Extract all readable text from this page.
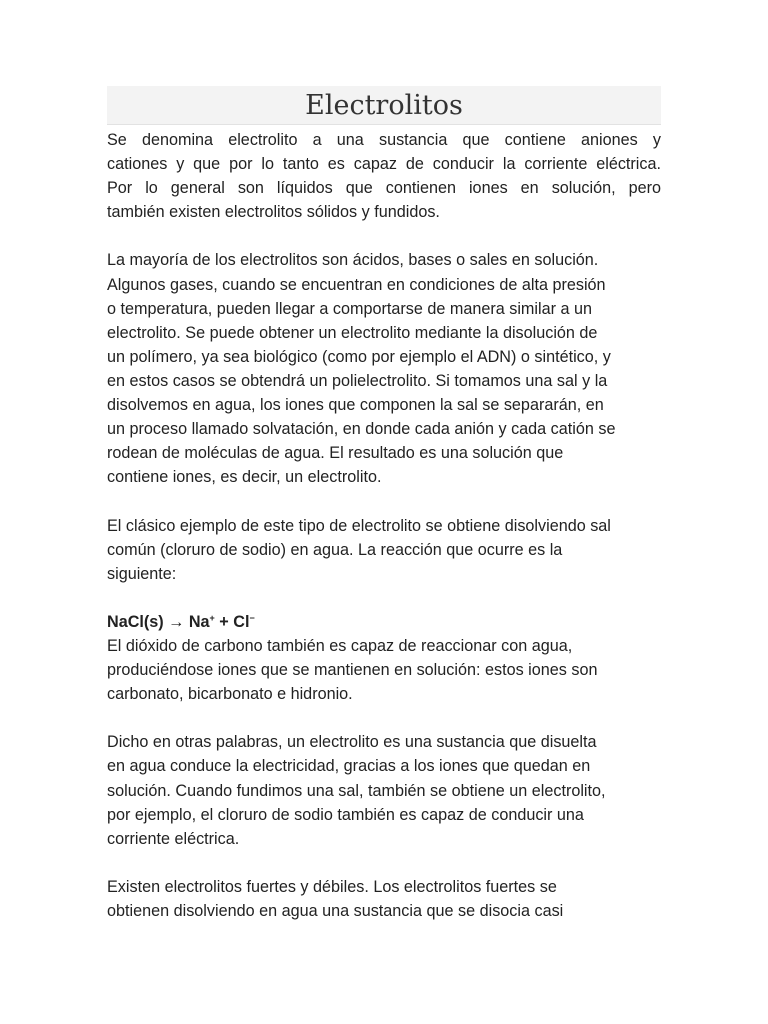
Electrolitos

Se denomina electrolito a una sustancia que contiene aniones y
cationes y que por lo tanto es capaz de conducir la corriente eléctrica.
Por lo general son líquidos que contienen iones en solución, pero
también existen electrolitos sólidos y fundidos.

La mayoría de los electrolitos son ácidos, bases o sales en solución.
Algunos gases, cuando se encuentran en condiciones de alta presión
o temperatura, pueden llegar a comportarse de manera similar a un
electrolito. Se puede obtener un electrolito mediante la disolución de
un polímero, ya sea biológico (como por ejemplo el ADN) o sintético, y
en estos casos se obtendrá un polielectrolito. Si tomamos una sal y la
disolvemos en agua, los iones que componen la sal se separarán, en
un proceso llamado solvatación, en donde cada anión y cada catión se
rodean de moléculas de agua. El resultado es una solución que
contiene iones, es decir, un electrolito.

El clásico ejemplo de este tipo de electrolito se obtiene disolviendo sal
común (cloruro de sodio) en agua. La reacción que ocurre es la
siguiente:

NaCl(s) → Na+ + Cl−
El dióxido de carbono también es capaz de reaccionar con agua,
produciéndose iones que se mantienen en solución: estos iones son
carbonato, bicarbonato e hidronio.

Dicho en otras palabras, un electrolito es una sustancia que disuelta
en agua conduce la electricidad, gracias a los iones que quedan en
solución. Cuando fundimos una sal, también se obtiene un electrolito,
por ejemplo, el cloruro de sodio también es capaz de conducir una
corriente eléctrica.

Existen electrolitos fuertes y débiles. Los electrolitos fuertes se
obtienen disolviendo en agua una sustancia que se disocia casi
